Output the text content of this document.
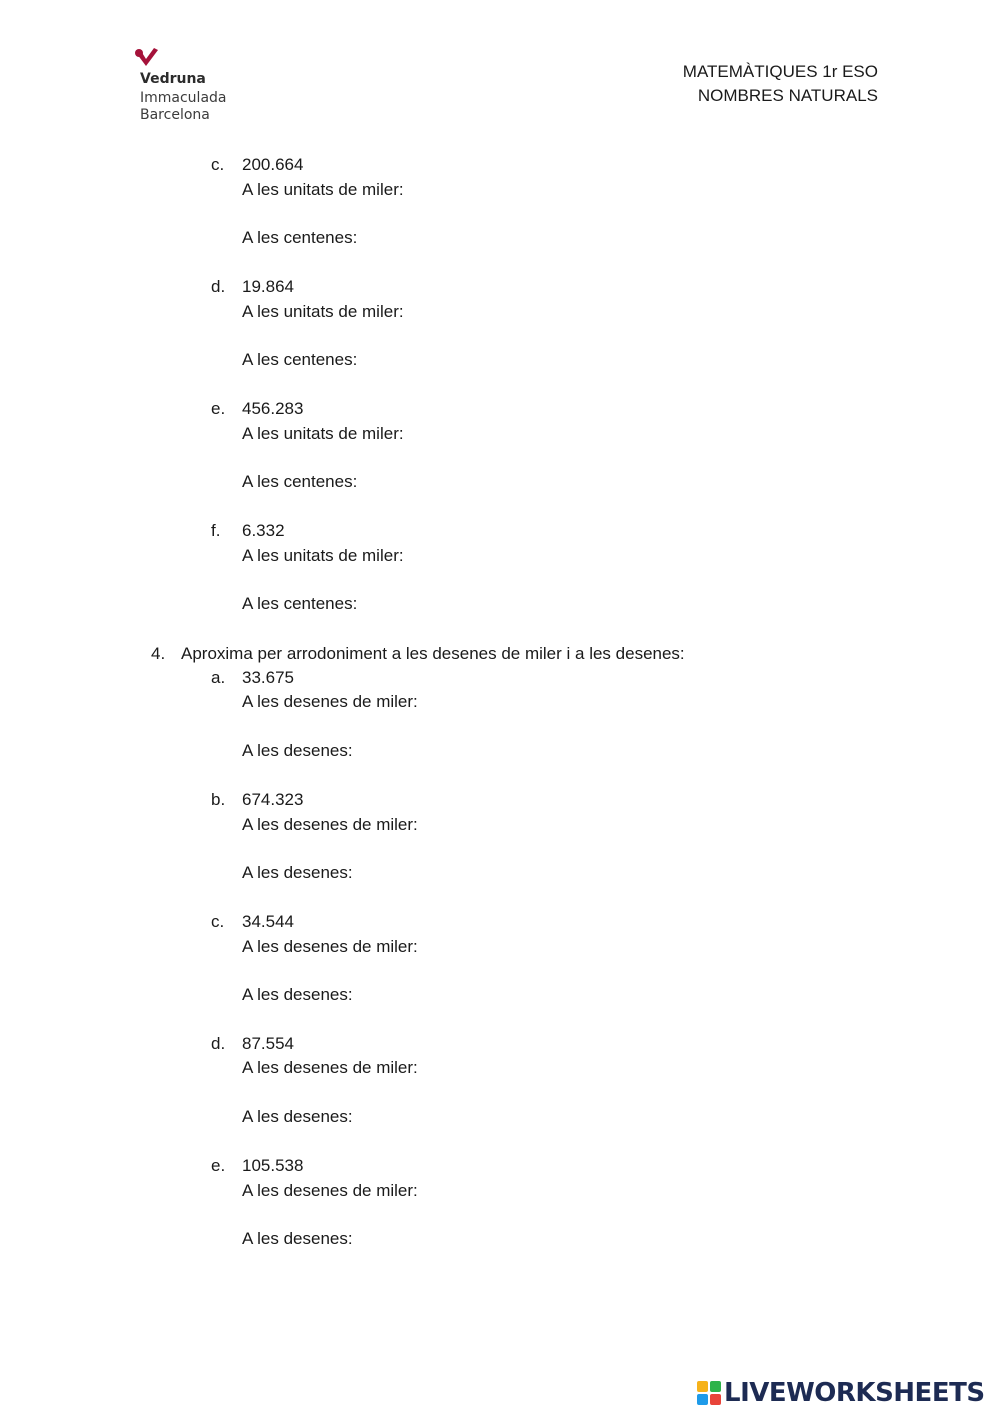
Vedruna
Immaculada
Barcelona
MATEMÀTIQUES 1r ESO
NOMBRES NATURALS
c. 200.664
A les unitats de miler:
A les centenes:
d. 19.864
A les unitats de miler:
A les centenes:
e. 456.283
A les unitats de miler:
A les centenes:
f. 6.332
A les unitats de miler:
A les centenes:
4. Aproxima per arrodoniment a les desenes de miler i a les desenes:
a. 33.675
A les desenes de miler:
A les desenes:
b. 674.323
A les desenes de miler:
A les desenes:
c. 34.544
A les desenes de miler:
A les desenes:
d. 87.554
A les desenes de miler:
A les desenes:
e. 105.538
A les desenes de miler:
A les desenes:
LIVEWORKSHEETS
